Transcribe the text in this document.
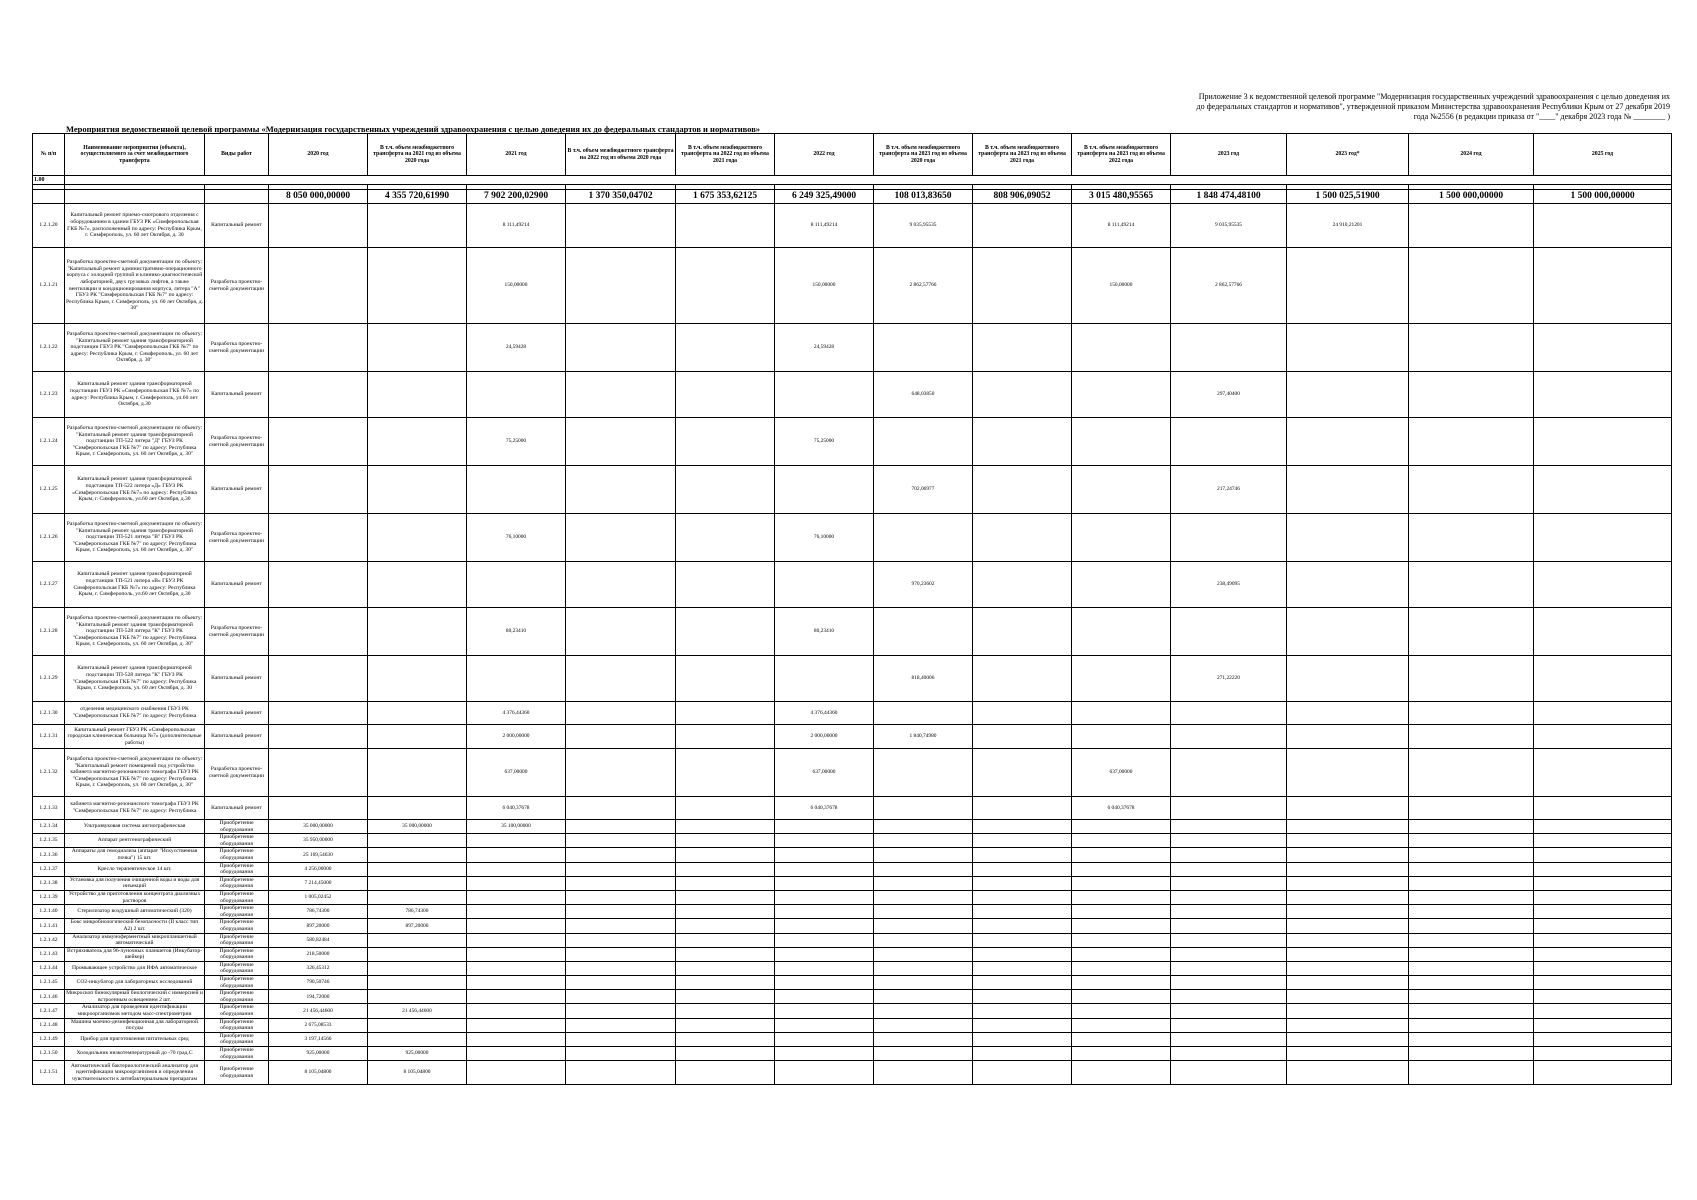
Приложение 3 к ведомственной целевой программе "Модернизация государственных учреждений здравоохранения с целью доведения их до федеральных стандартов и нормативов", утвержденной приказом Министерства здравоохранения Республики Крым от 27 декабря 2019 года №2556 (в редакции приказа от "____" декабря 2023 года № ________ )
Мероприятия ведомственной целевой программы «Модернизация государственных учреждений здравоохранения с целью доведения их до федеральных стандартов и нормативов»
№ п/п	Наименование мероприятия (объекта), осуществляемого за счет межбюджетного трансферта	Виды работ	2020 год	В т.ч. объем межбюджетного трансферта на 2021 год из объема 2020 года	2021 год	В т.ч. объем межбюджетного трансферта на 2022 год из объема 2020 года	В т.ч. объем межбюджетного трансферта на 2022 год из объема 2021 года	2022 год	В т.ч. объем межбюджетного трансферта на 2023 год из объема 2020 года	В т.ч. объем межбюджетного трансферта на 2023 год из объема 2021 года	В т.ч. объем межбюджетного трансферта на 2023 год из объема 2022 года	2023 год	2023 год*	2024 год	2025 год	
1.00																

			8 050 000,00000	4 355 720,61990	7 902 200,02900	1 370 350,04702	1 675 353,62125	6 249 325,49000	108 013,83650	808 906,09052	3 015 480,95565	1 848 474,48100	1 500 025,51900	1 500 000,00000	1 500 000,00000	
1.2.1.20	Капитальный ремонт приемо-смотрового отделения с оборудованием в здании ГБУЗ РК «Симферопольская ГКБ №7», расположенный по адресу: Республика Крым, г. Симферополь, ул. 60 лет Октября, д. 30	Капитальный ремонт			8 111,49214			8 111,49214	9 035,95535		8 111,49214	9 035,95535	24 910,21201			
1.2.1.21	Разработка проектно-сметной документации по объекту: "Капитальный ремонт административно-операционного корпуса с холодной группой и клинико-диагностической лабораторией, двух грузовых лифтов, а также вентиляции и кондиционирования корпуса, литера "А" ГБУЗ РК "Симферопольская ГКБ №7" по адресу: Республика Крым, г. Симферополь, ул. 60 лет Октября, д. 30"	Разработка проектно-сметной документации			150,00000			150,00000	2 862,57766		150,00000	2 862,57766				
1.2.1.22	Разработка проектно-сметной документации по объекту: "Капитальный ремонт здания трансформаторной подстанции ГБУЗ РК "Симферопольская ГКБ №7" по адресу: Республика Крым, г. Симферополь, ул. 60 лет Октября, д. 30"	Разработка проектно-сметной документации			24,59428			24,59428								
1.2.1.23	Капитальный ремонт здания трансформаторной подстанции ГБУЗ РК «Симферопольская ГКБ №7» по адресу: Республика Крым, г. Симферополь, ул.60 лет Октября, д.30	Капитальный ремонт							648,03850			297,40400				
1.2.1.24	Разработка проектно-сметной документации по объекту: "Капитальный ремонт здания трансформаторной подстанции ТП-522 литера "Д" ГБУЗ РК "Симферопольская ГКБ №7" по адресу: Республика Крым, г. Симферополь, ул. 60 лет Октября, д. 30"	Разработка проектно-сметной документации			75,25000			75,25000								
1.2.1.25	Капитальный ремонт здания трансформаторной подстанции ТП-522 литера «Д» ГБУЗ РК «Симферопольская ГКБ №7» по адресу: Республика Крым, г. Симферополь, ул.60 лет Октября, д.30	Капитальный ремонт							702,06977			217,24746				
1.2.1.26	Разработка проектно-сметной документации по объекту: "Капитальный ремонт здания трансформаторной подстанции ТП-521 литера "В" ГБУЗ РК "Симферопольская ГКБ №7" по адресу: Республика Крым, г. Симферополь, ул. 60 лет Октября, д. 30"	Разработка проектно-сметной документации			76,10000			76,10000								
1.2.1.27	Капитальный ремонт здания трансформаторной подстанции ТП-521 литера «В» ГБУЗ РК Симферопольская ГКБ №7» по адресу: Республика Крым, г. Симферополь, ул.60 лет Октября, д.30	Капитальный ремонт							970,23602			238,49095				
1.2.1.28	Разработка проектно-сметной документации по объекту: "Капитальный ремонт здания трансформаторной подстанции ТП-528 литера "К" ГБУЗ РК "Симферопольская ГКБ №7" по адресу: Республика Крым, г. Симферополь, ул. 60 лет Октября, д. 30"	Разработка проектно-сметной документации			80,23410			80,23410								
1.2.1.29	Капитальный ремонт здания трансформаторной подстанции ТП-528 литера "К" ГБУЗ РК "Симферопольская ГКБ №7" по адресу: Республика Крым, г. Симферополь, ул. 60 лет Октября, д. 30	Капитальный ремонт							818,40006			271,22220				
1.2.1.30	отделения медицинского снабжения ГБУЗ РК "Симферопольская ГКБ №7" по адресу: Республика	Капитальный ремонт			4 376,44360			4 376,44360								
1.2.1.31	Капитальный ремонт ГБУЗ РК «Симферопольская городская клиническая больница №7» (дополнительные работы)	Капитальный ремонт			2 000,00000			2 000,00000	1 840,74980							
1.2.1.32	Разработка проектно-сметной документации по объекту: "Капитальный ремонт помещений под устройство кабинета магнитно-резонансного томографа ГБУЗ РК "Симферопольская ГКБ №7" по адресу: Республика Крым, г. Симферополь, ул. 60 лет Октября, д. 30"	Разработка проектно-сметной документации			637,00000			637,00000			637,00000					
1.2.1.33	кабинета магнитно-резонансного томографа ГБУЗ РК "Симферопольская ГКБ №7" по адресу: Республика	Капитальный ремонт			6 040,37678			6 040,37678			6 040,37678					
1.2.1.34	Ультразвуковая система ангиографическая	Приобретение оборудования	35 000,00000	35 000,00000	35 100,00000											
1.2.1.35	Аппарат рентгенографический	Приобретение оборудования	35 950,00000													
1.2.1.36	Аппараты для гемодиализа (аппарат "Искусственная почка") 15 шт.	Приобретение оборудования	25 169,54630													
1.2.1.37	Кресло терапевтическое 14 шт.	Приобретение оборудования	4 256,00000													
1.2.1.38	Установка для получения очищенной воды и воды для инъекций	Приобретение оборудования	7 214,45000													
1.2.1.39	Устройство для приготовления концентрата диализных растворов	Приобретение оборудования	1 005,02452													
1.2.1.40	Стерилизатор воздушный автоматический (320)	Приобретение оборудования	786,74300	786,74300												
1.2.1.41	Бокс микробиологической безопасности (II класс тип А2) 2 шт.	Приобретение оборудования	897,20000	897,20000												
1.2.1.42	Анализатор иммуноферментный микропланшетный автоматический	Приобретение оборудования	580,82484													
1.2.1.43	Встряхиватель для 96-луночных планшетов (Инкубатор-шейкер)	Приобретение оборудования	218,50000													
1.2.1.44	Промывающее устройство для ИФА автоматическое	Приобретение оборудования	326,45312													
1.2.1.45	СО2-инкубатор для лабораторных исследований	Приобретение оборудования	790,50746													
1.2.1.46	Микроскоп бинокулярный биологический с иммерсией и встроенным освещением 2 шт.	Приобретение оборудования	194,72000													
1.2.1.47	Анализатор для проведения идентификации микроорганизмов методом масс-спектрометрии	Приобретение оборудования	21 456,44600	21 456,44600												
1.2.1.48	Машина моечно-дезинфекционная для лабораторной посуды	Приобретение оборудования	2 675,08533													
1.2.1.49	Прибор для приготовления питательных сред	Приобретение оборудования	3 197,14566													
1.2.1.50	Холодильник низкотемпературный до -70 град.С	Приобретение оборудования	925,00000	925,00000												
1.2.1.51	Автоматический бактериологический анализатор для идентификации микроорганизмов и определения чувствительности к антибактериальным препаратам	Приобретение оборудования	8 105,04800	8 105,04800												
